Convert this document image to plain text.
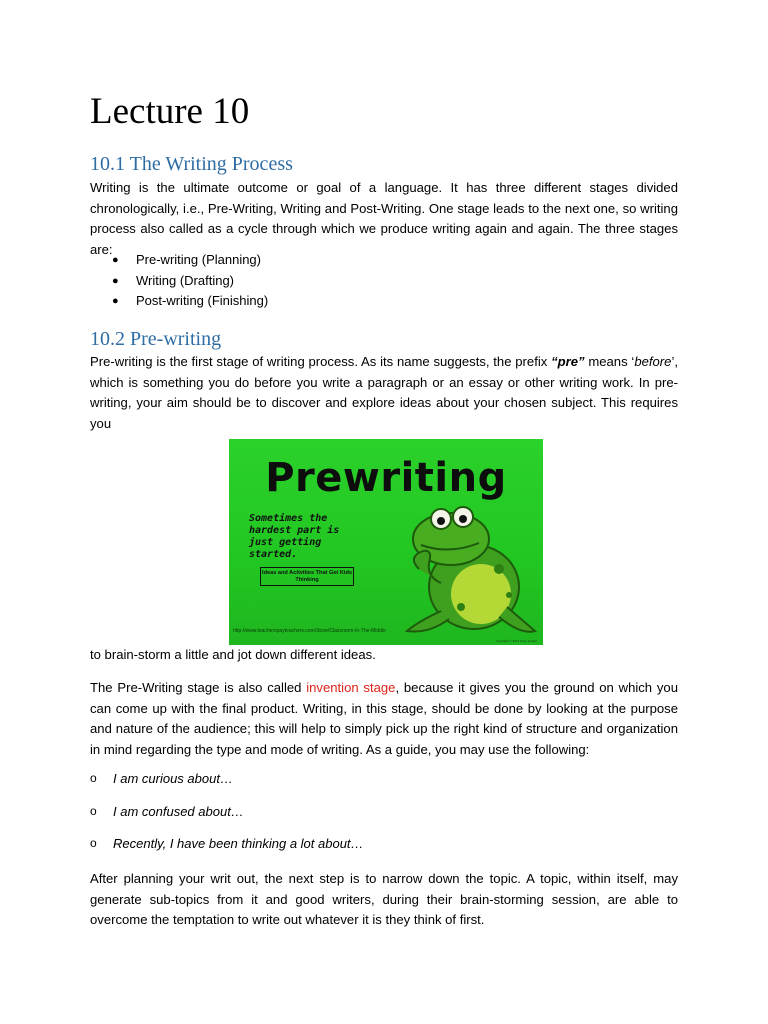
Lecture 10
10.1 The Writing Process

Writing is the ultimate outcome or goal of a language. It has three different stages divided chronologically, i.e., Pre-Writing, Writing and Post-Writing. One stage leads to the next one, so writing process also called as a cycle through which we produce writing again and again. The three stages are:

●	Pre-writing (Planning)
●	Writing (Drafting)
●	Post-writing (Finishing)
10.2 Pre-writing

Pre-writing is the first stage of writing process. As its name suggests, the prefix “pre” means ‘before’, which is something you do before you write a paragraph or an essay or other writing work. In pre-writing, your aim should be to discover and explore ideas about your chosen subject. This requires you

Prewriting
Sometimes the hardest part is just getting started.
Ideas and Activities That Get Kids Thinking
http://www.teacherspayteachers.com/Store/Classroom-In-The-Middle
Copyright © 2013 Kerry Hunter

to brain-storm a little and jot down different ideas.

The Pre-Writing stage is also called invention stage, because it gives you the ground on which you can come up with the final product. Writing, in this stage, should be done by looking at the purpose and nature of the audience; this will help to simply pick up the right kind of structure and organization in mind regarding the type and mode of writing. As a guide, you may use the following:

o	I am curious about…
o	I am confused about…
o	Recently, I have been thinking a lot about…

After planning your writ out, the next step is to narrow down the topic. A topic, within itself, may generate sub-topics from it and good writers, during their brain-storming session, are able to overcome the temptation to write out whatever it is they think of first.
